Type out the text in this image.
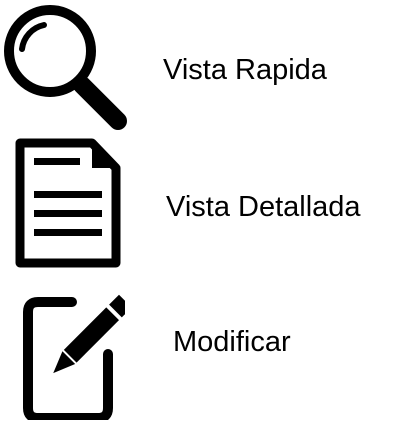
Vista Rapida
Vista Detallada
Modificar
